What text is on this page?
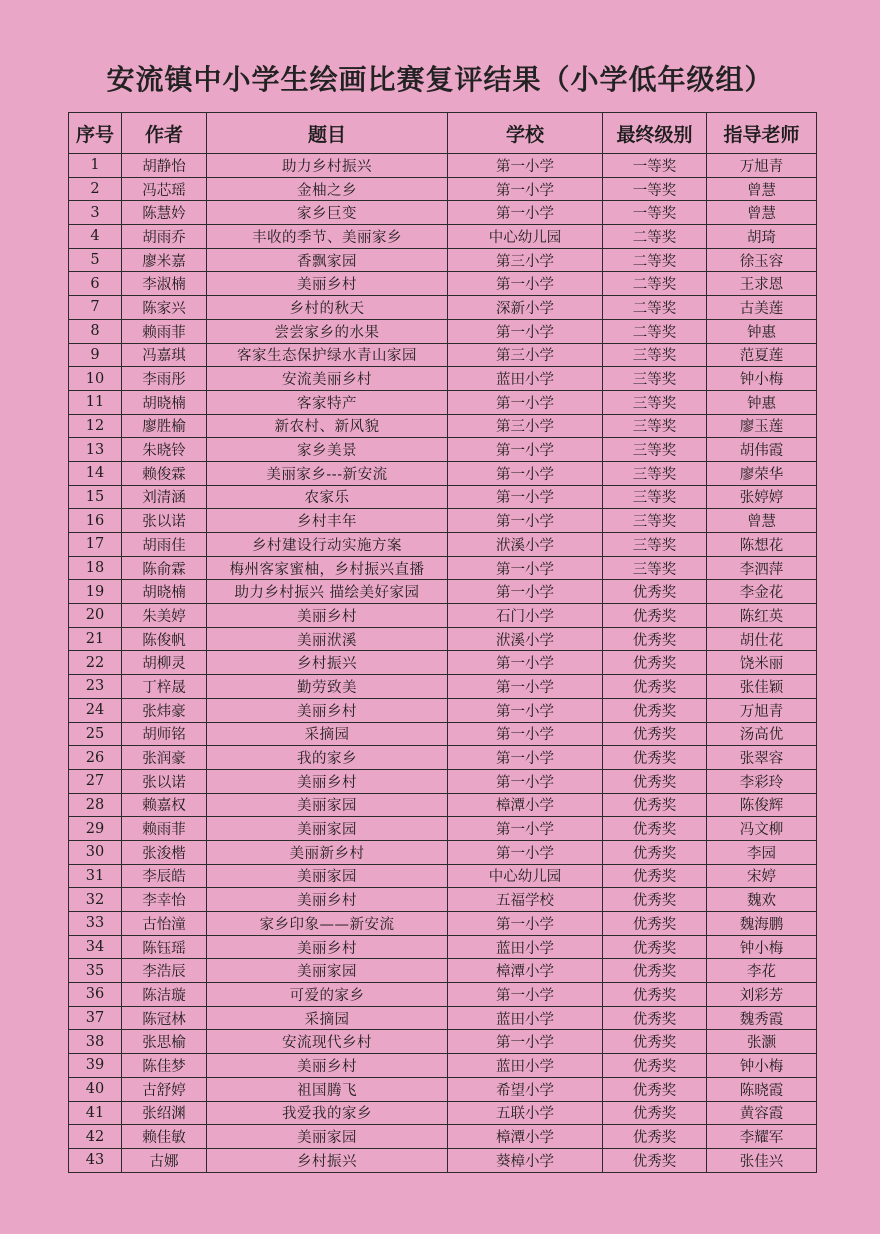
安流镇中小学生绘画比赛复评结果（小学低年级组）
序号	作者	题目	学校	最终级别	指导老师
1	胡静怡	助力乡村振兴	第一小学	一等奖	万旭青
2	冯芯瑶	金柚之乡	第一小学	一等奖	曾慧
3	陈慧妗	家乡巨变	第一小学	一等奖	曾慧
4	胡雨乔	丰收的季节、美丽家乡	中心幼儿园	二等奖	胡琦
5	廖米嘉	香飘家园	第三小学	二等奖	徐玉容
6	李淑楠	美丽乡村	第一小学	二等奖	王求恩
7	陈家兴	乡村的秋天	深新小学	二等奖	古美莲
8	赖雨菲	尝尝家乡的水果	第一小学	二等奖	钟惠
9	冯嘉琪	客家生态保护绿水青山家园	第三小学	三等奖	范夏莲
10	李雨彤	安流美丽乡村	蓝田小学	三等奖	钟小梅
11	胡晓楠	客家特产	第一小学	三等奖	钟惠
12	廖胜榆	新农村、新风貌	第三小学	三等奖	廖玉莲
13	朱晓铃	家乡美景	第一小学	三等奖	胡伟霞
14	赖俊霖	美丽家乡---新安流	第一小学	三等奖	廖荣华
15	刘清涵	农家乐	第一小学	三等奖	张婷婷
16	张以诺	乡村丰年	第一小学	三等奖	曾慧
17	胡雨佳	乡村建设行动实施方案	洑溪小学	三等奖	陈想花
18	陈俞霖	梅州客家蜜柚，乡村振兴直播	第一小学	三等奖	李泗萍
19	胡晓楠	助力乡村振兴 描绘美好家园	第一小学	优秀奖	李金花
20	朱美婷	美丽乡村	石门小学	优秀奖	陈红英
21	陈俊帆	美丽洑溪	洑溪小学	优秀奖	胡仕花
22	胡柳灵	乡村振兴	第一小学	优秀奖	饶米丽
23	丁梓晟	勤劳致美	第一小学	优秀奖	张佳颖
24	张炜豪	美丽乡村	第一小学	优秀奖	万旭青
25	胡师铭	采摘园	第一小学	优秀奖	汤高优
26	张润豪	我的家乡	第一小学	优秀奖	张翠容
27	张以诺	美丽乡村	第一小学	优秀奖	李彩玲
28	赖嘉权	美丽家园	樟潭小学	优秀奖	陈俊辉
29	赖雨菲	美丽家园	第一小学	优秀奖	冯文柳
30	张浚楷	美丽新乡村	第一小学	优秀奖	李园
31	李辰皓	美丽家园	中心幼儿园	优秀奖	宋婷
32	李幸怡	美丽乡村	五福学校	优秀奖	魏欢
33	古怡潼	家乡印象——新安流	第一小学	优秀奖	魏海鹏
34	陈钰瑶	美丽乡村	蓝田小学	优秀奖	钟小梅
35	李浩辰	美丽家园	樟潭小学	优秀奖	李花
36	陈洁璇	可爱的家乡	第一小学	优秀奖	刘彩芳
37	陈冠林	采摘园	蓝田小学	优秀奖	魏秀霞
38	张思榆	安流现代乡村	第一小学	优秀奖	张灏
39	陈佳梦	美丽乡村	蓝田小学	优秀奖	钟小梅
40	古舒婷	祖国腾飞	希望小学	优秀奖	陈晓霞
41	张绍渊	我爱我的家乡	五联小学	优秀奖	黄容霞
42	赖佳敏	美丽家园	樟潭小学	优秀奖	李耀军
43	古娜	乡村振兴	葵樟小学	优秀奖	张佳兴
